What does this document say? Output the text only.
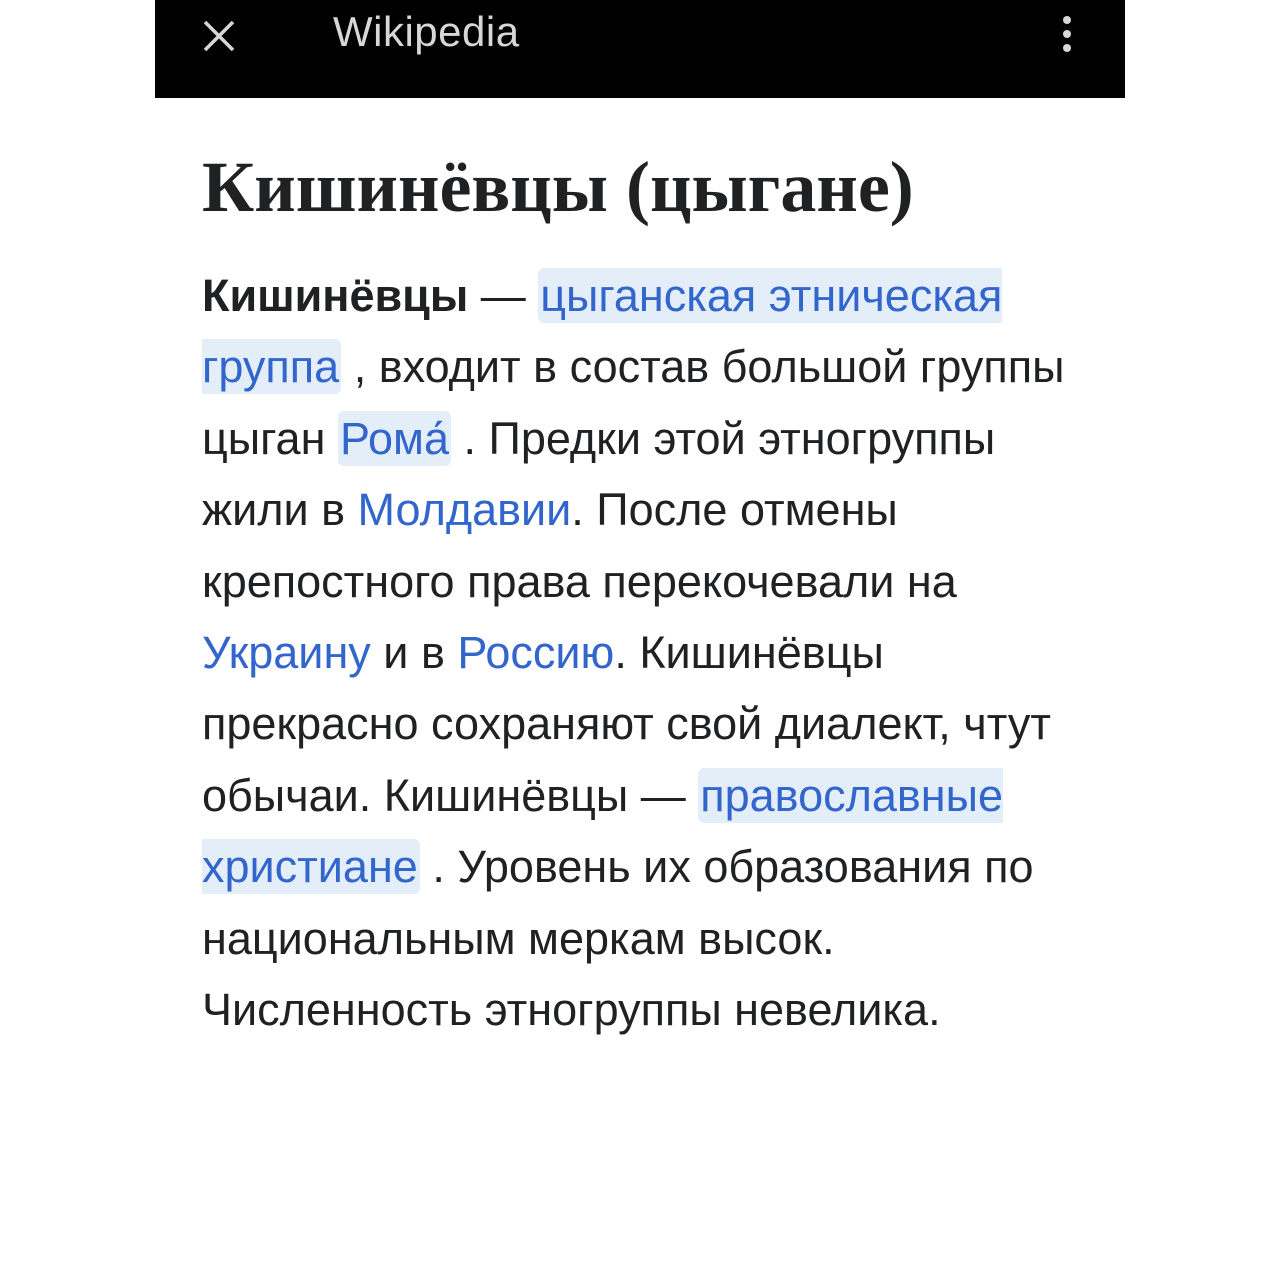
Wikipedia
Кишинёвцы (цыгане)

Кишинёвцы — цыганская этническая группа , входит в состав большой группы цыган Рома́ . Предки этой этногруппы жили в Молдавии. После отмены крепостного права перекочевали на Украину и в Россию. Кишинёвцы прекрасно сохраняют свой диалект, чтут обычаи. Кишинёвцы — православные христиане . Уровень их образования по национальным меркам высок. Численность этногруппы невелика.
